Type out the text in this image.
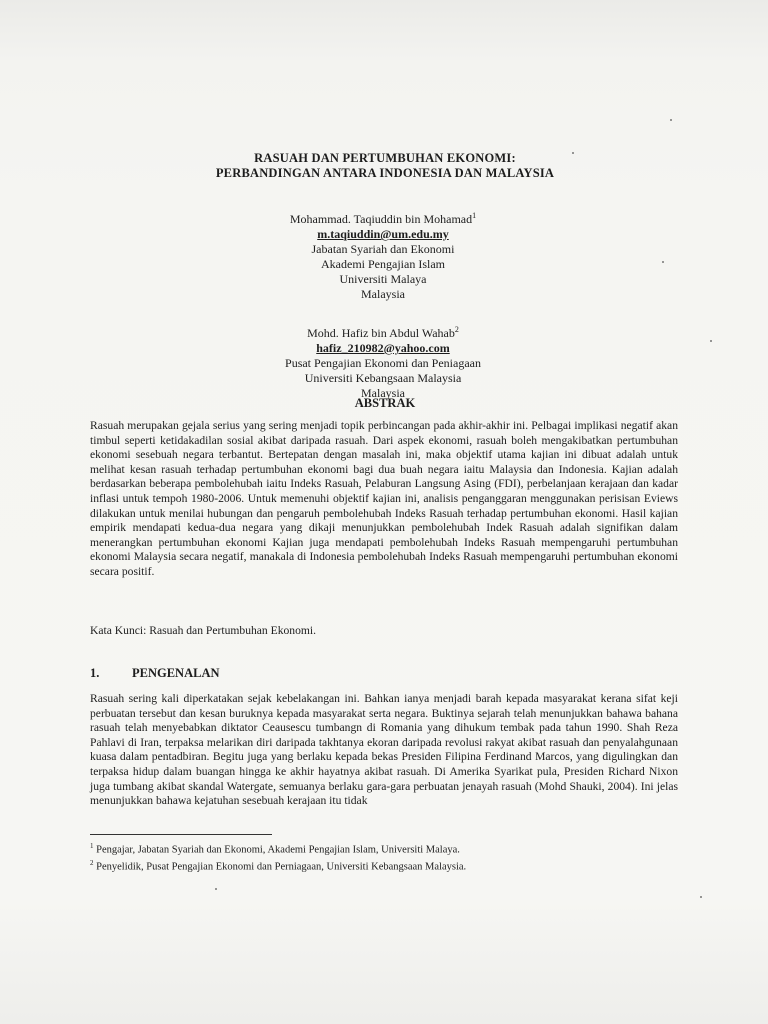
RASUAH DAN PERTUMBUHAN EKONOMI:
PERBANDINGAN ANTARA INDONESIA DAN MALAYSIA
Mohammad. Taqiuddin bin Mohamad$^1$
m.taqiuddin@um.edu.my
Jabatan Syariah dan Ekonomi
Akademi Pengajian Islam
Universiti Malaya
Malaysia
Mohd. Hafiz bin Abdul Wahab$^2$
hafiz_210982@yahoo.com
Pusat Pengajian Ekonomi dan Peniagaan
Universiti Kebangsaan Malaysia
Malaysia
ABSTRAK

Rasuah merupakan gejala serius yang sering menjadi topik perbincangan pada akhir-akhir ini. Pelbagai implikasi negatif akan timbul seperti ketidakadilan sosial akibat daripada rasuah. Dari aspek ekonomi, rasuah boleh mengakibatkan pertumbuhan ekonomi sesebuah negara terbantut. Bertepatan dengan masalah ini, maka objektif utama kajian ini dibuat adalah untuk melihat kesan rasuah terhadap pertumbuhan ekonomi bagi dua buah negara iaitu Malaysia dan Indonesia. Kajian adalah berdasarkan beberapa pembolehubah iaitu Indeks Rasuah, Pelaburan Langsung Asing (FDI), perbelanjaan kerajaan dan kadar inflasi untuk tempoh 1980-2006. Untuk memenuhi objektif kajian ini, analisis penganggaran menggunakan perisisan Eviews dilakukan untuk menilai hubungan dan pengaruh pembolehubah Indeks Rasuah terhadap pertumbuhan ekonomi. Hasil kajian empirik mendapati kedua-dua negara yang dikaji menunjukkan pembolehubah Indek Rasuah adalah signifikan dalam menerangkan pertumbuhan ekonomi Kajian juga mendapati pembolehubah Indeks Rasuah mempengaruhi pertumbuhan ekonomi Malaysia secara negatif, manakala di Indonesia pembolehubah Indeks Rasuah mempengaruhi pertumbuhan ekonomi secara positif.

Kata Kunci: Rasuah dan Pertumbuhan Ekonomi.

1.	PENGENALAN

Rasuah sering kali diperkatakan sejak kebelakangan ini. Bahkan ianya menjadi barah kepada masyarakat kerana sifat keji perbuatan tersebut dan kesan buruknya kepada masyarakat serta negara. Buktinya sejarah telah menunjukkan bahawa bahana rasuah telah menyebabkan diktator Ceausescu tumbangn di Romania yang dihukum tembak pada tahun 1990. Shah Reza Pahlavi di Iran, terpaksa melarikan diri daripada takhtanya ekoran daripada revolusi rakyat akibat rasuah dan penyalahgunaan kuasa dalam pentadbiran. Begitu juga yang berlaku kepada bekas Presiden Filipina Ferdinand Marcos, yang digulingkan dan terpaksa hidup dalam buangan hingga ke akhir hayatnya akibat rasuah. Di Amerika Syarikat pula, Presiden Richard Nixon juga tumbang akibat skandal Watergate, semuanya berlaku gara-gara perbuatan jenayah rasuah (Mohd Shauki, 2004). Ini jelas menunjukkan bahawa kejatuhan sesebuah kerajaan itu tidak

$^1$ Pengajar, Jabatan Syariah dan Ekonomi, Akademi Pengajian Islam, Universiti Malaya.
$^2$ Penyelidik, Pusat Pengajian Ekonomi dan Perniagaan, Universiti Kebangsaan Malaysia.
